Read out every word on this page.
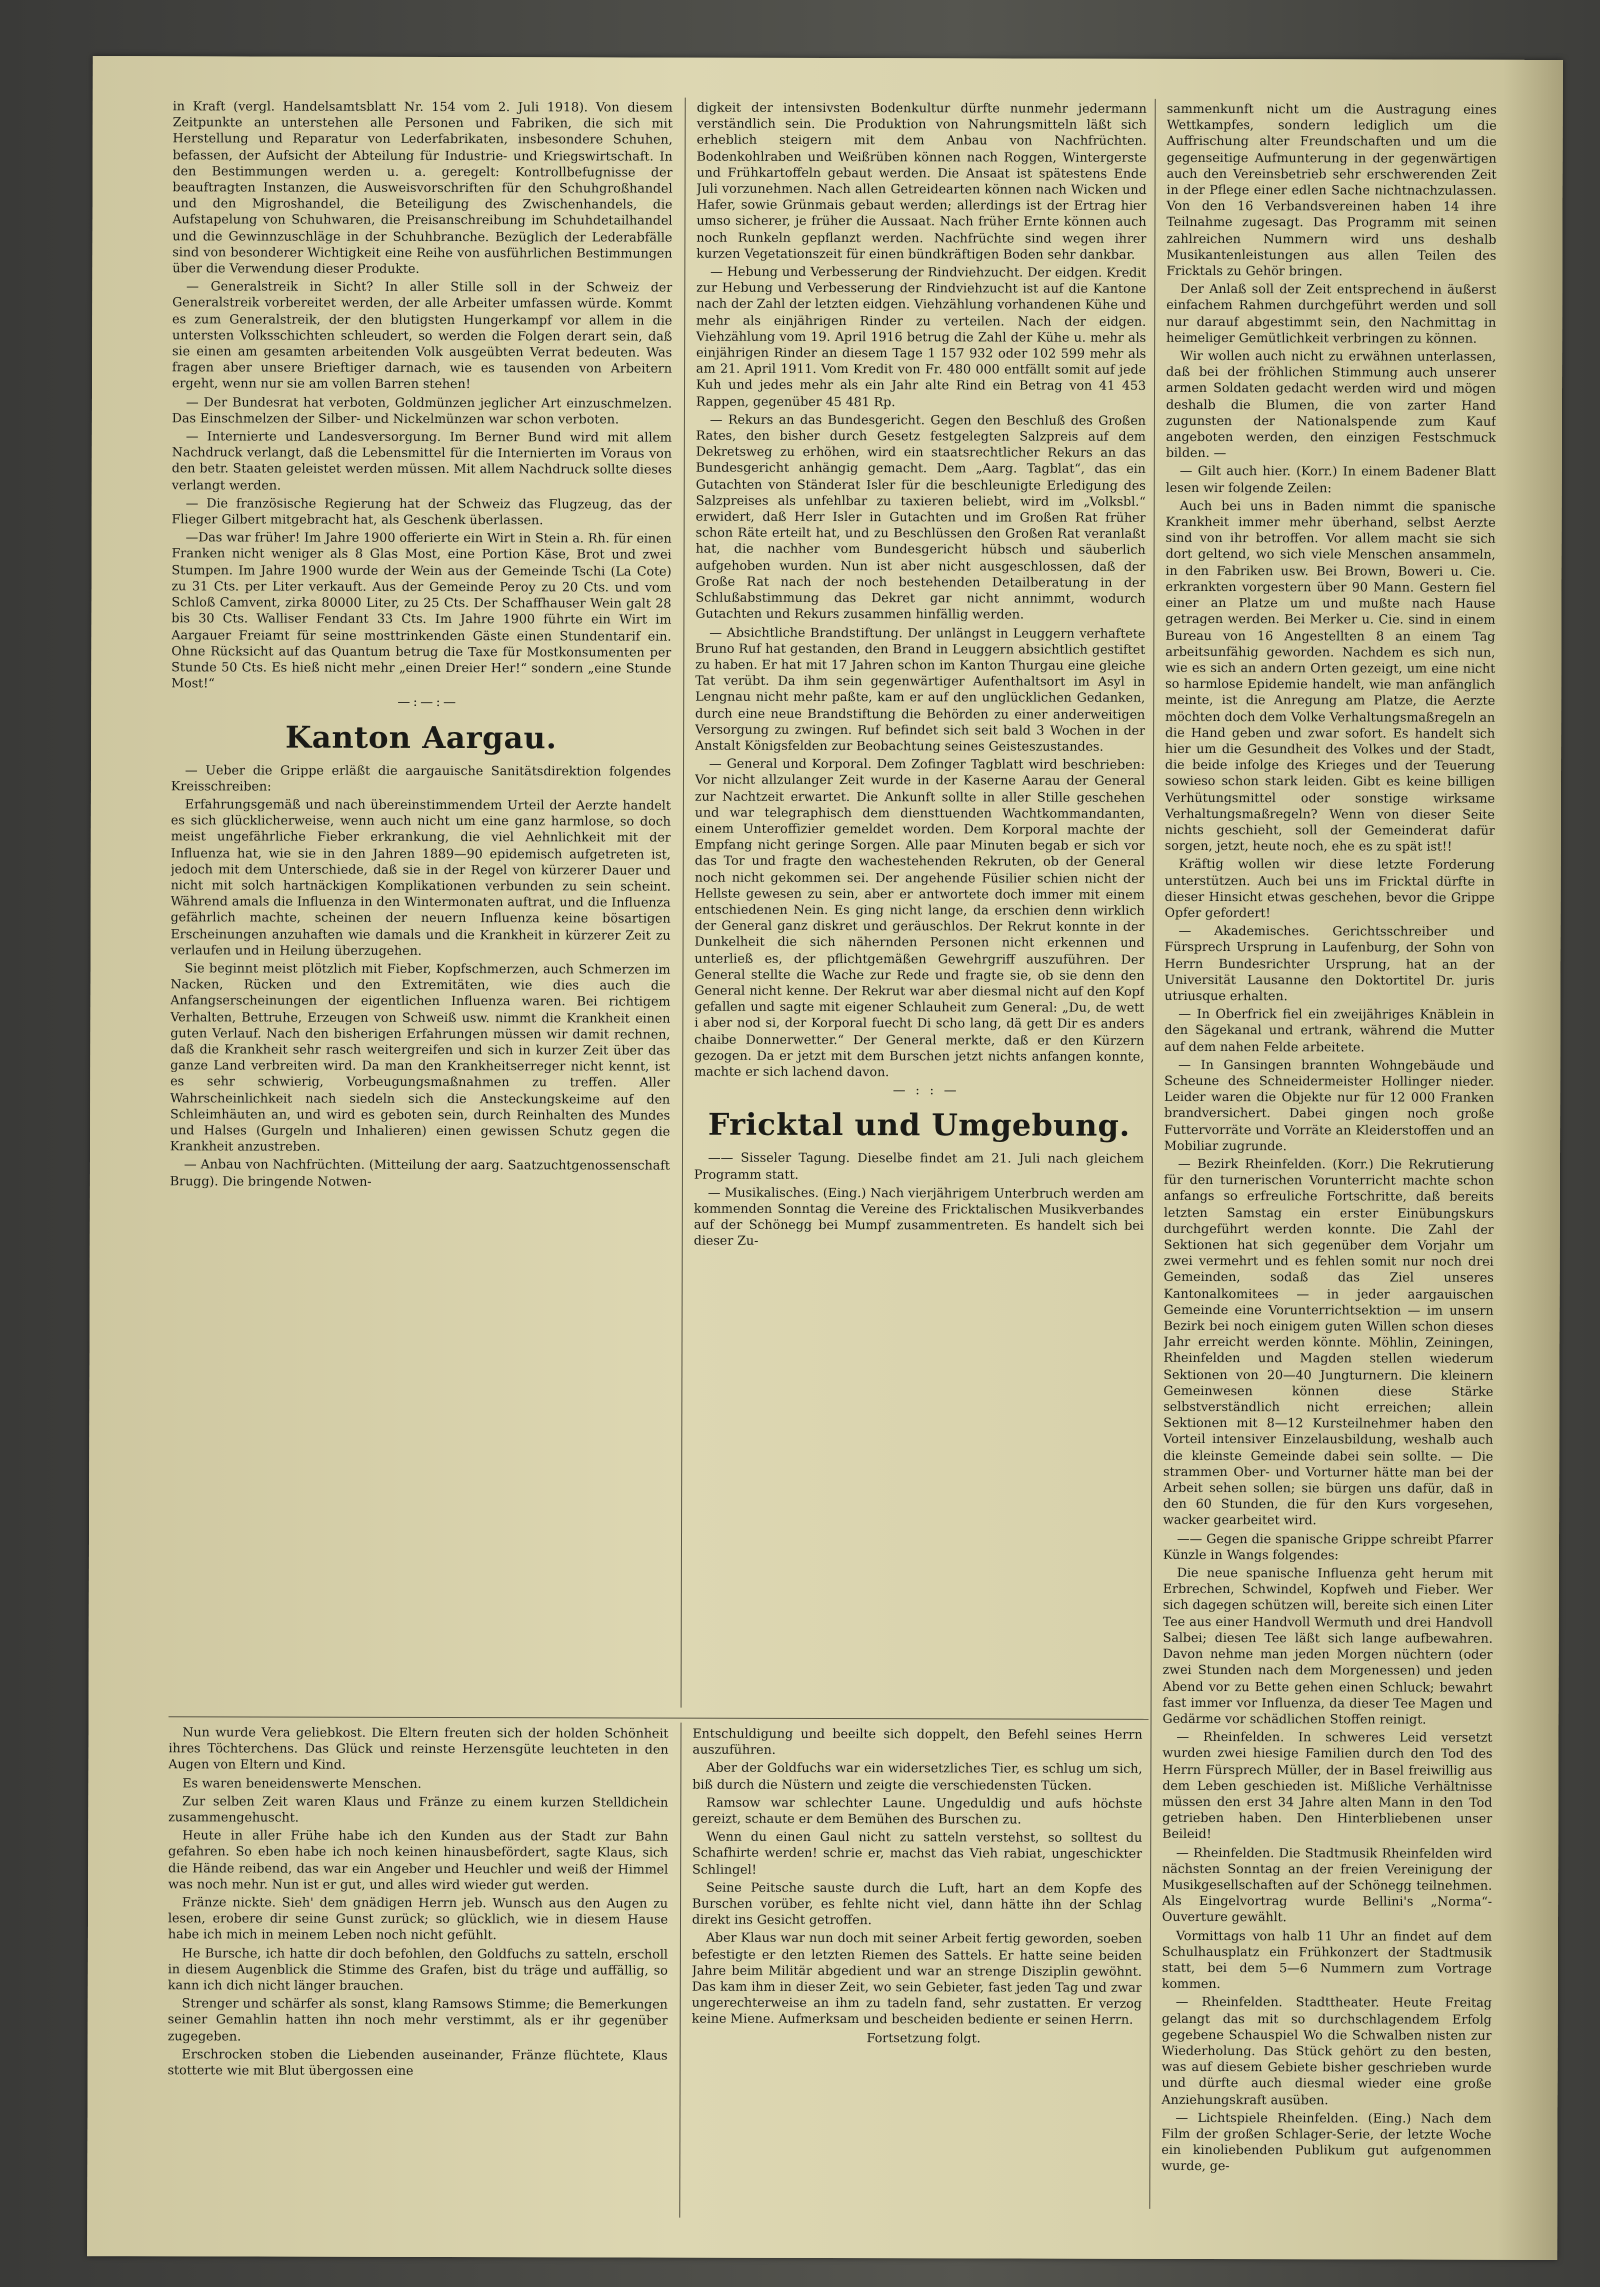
in Kraft (vergl. Handelsamtsblatt Nr. 154 vom 2. Juli 1918). Von diesem Zeitpunkte an unterstehen alle Personen und Fabriken, die sich mit Herstellung und Reparatur von Lederfabrikaten, insbesondere Schuhen, befassen, der Aufsicht der Abteilung für Industrie- und Kriegswirtschaft. In den Bestimmungen werden u. a. geregelt: Kontrollbefugnisse der beauftragten Instanzen, die Ausweisvorschriften für den Schuhgroßhandel und den Migroshandel, die Beteiligung des Zwischenhandels, die Aufstapelung von Schuhwaren, die Preisanschreibung im Schuhdetailhandel und die Gewinnzuschläge in der Schuhbranche. Bezüglich der Lederabfälle sind von besonderer Wichtigkeit eine Reihe von ausführlichen Bestimmungen über die Verwendung dieser Produkte.

— Generalstreik in Sicht? In aller Stille soll in der Schweiz der Generalstreik vorbereitet werden, der alle Arbeiter umfassen würde. Kommt es zum Generalstreik, der den blutigsten Hungerkampf vor allem in die untersten Volksschichten schleudert, so werden die Folgen derart sein, daß sie einen am gesamten arbeitenden Volk ausgeübten Verrat bedeuten. Was fragen aber unsere Brieftiger darnach, wie es tausenden von Arbeitern ergeht, wenn nur sie am vollen Barren stehen!

— Der Bundesrat hat verboten, Goldmünzen jeglicher Art einzuschmelzen. Das Einschmelzen der Silber- und Nickelmünzen war schon verboten.

— Internierte und Landesversorgung. Im Berner Bund wird mit allem Nachdruck verlangt, daß die Lebensmittel für die Internierten im Voraus von den betr. Staaten geleistet werden müssen. Mit allem Nachdruck sollte dieses verlangt werden.

— Die französische Regierung hat der Schweiz das Flugzeug, das der Flieger Gilbert mitgebracht hat, als Geschenk überlassen.

—Das war früher! Im Jahre 1900 offerierte ein Wirt in Stein a. Rh. für einen Franken nicht weniger als 8 Glas Most, eine Portion Käse, Brot und zwei Stumpen. Im Jahre 1900 wurde der Wein aus der Gemeinde Tschi (La Cote) zu 31 Cts. per Liter verkauft. Aus der Gemeinde Peroy zu 20 Cts. und vom Schloß Camvent, zirka 80000 Liter, zu 25 Cts. Der Schaffhauser Wein galt 28 bis 30 Cts. Walliser Fendant 33 Cts. Im Jahre 1900 führte ein Wirt im Aargauer Freiamt für seine mosttrinkenden Gäste einen Stundentarif ein. Ohne Rücksicht auf das Quantum betrug die Taxe für Mostkonsumenten per Stunde 50 Cts. Es hieß nicht mehr „einen Dreier Her!“ sondern „eine Stunde Most!“

—:—:—

Kanton Aargau.

— Ueber die Grippe erläßt die aargauische Sanitätsdirektion folgendes Kreisschreiben:

Erfahrungsgemäß und nach übereinstimmendem Urteil der Aerzte handelt es sich glücklicherweise, wenn auch nicht um eine ganz harmlose, so doch meist ungefährliche Fieber erkrankung, die viel Aehnlichkeit mit der Influenza hat, wie sie in den Jahren 1889—90 epidemisch aufgetreten ist, jedoch mit dem Unterschiede, daß sie in der Regel von kürzerer Dauer und nicht mit solch hartnäckigen Komplikationen verbunden zu sein scheint. Während amals die Influenza in den Wintermonaten auftrat, und die Influenza gefährlich machte, scheinen der neuern Influenza keine bösartigen Erscheinungen anzuhaften wie damals und die Krankheit in kürzerer Zeit zu verlaufen und in Heilung überzugehen.

Sie beginnt meist plötzlich mit Fieber, Kopfschmerzen, auch Schmerzen im Nacken, Rücken und den Extremitäten, wie dies auch die Anfangserscheinungen der eigentlichen Influenza waren. Bei richtigem Verhalten, Bettruhe, Erzeugen von Schweiß usw. nimmt die Krankheit einen guten Verlauf. Nach den bisherigen Erfahrungen müssen wir damit rechnen, daß die Krankheit sehr rasch weitergreifen und sich in kurzer Zeit über das ganze Land verbreiten wird. Da man den Krankheitserreger nicht kennt, ist es sehr schwierig, Vorbeugungsmaßnahmen zu treffen. Aller Wahrscheinlichkeit nach siedeln sich die Ansteckungskeime auf den Schleimhäuten an, und wird es geboten sein, durch Reinhalten des Mundes und Halses (Gurgeln und Inhalieren) einen gewissen Schutz gegen die Krankheit anzustreben.

— Anbau von Nachfrüchten. (Mitteilung der aarg. Saatzuchtgenossenschaft Brugg). Die bringende Notwen-

digkeit der intensivsten Bodenkultur dürfte nunmehr jedermann verständlich sein. Die Produktion von Nahrungsmitteln läßt sich erheblich steigern mit dem Anbau von Nachfrüchten. Bodenkohlraben und Weißrüben können nach Roggen, Wintergerste und Frühkartoffeln gebaut werden. Die Ansaat ist spätestens Ende Juli vorzunehmen. Nach allen Getreidearten können nach Wicken und Hafer, sowie Grünmais gebaut werden; allerdings ist der Ertrag hier umso sicherer, je früher die Aussaat. Nach früher Ernte können auch noch Runkeln gepflanzt werden. Nachfrüchte sind wegen ihrer kurzen Vegetationszeit für einen bündkräftigen Boden sehr dankbar.

— Hebung und Verbesserung der Rindviehzucht. Der eidgen. Kredit zur Hebung und Verbesserung der Rindviehzucht ist auf die Kantone nach der Zahl der letzten eidgen. Viehzählung vorhandenen Kühe und mehr als einjährigen Rinder zu verteilen. Nach der eidgen. Viehzählung vom 19. April 1916 betrug die Zahl der Kühe u. mehr als einjährigen Rinder an diesem Tage 1 157 932 oder 102 599 mehr als am 21. April 1911. Vom Kredit von Fr. 480 000 entfällt somit auf jede Kuh und jedes mehr als ein Jahr alte Rind ein Betrag von 41 453 Rappen, gegenüber 45 481 Rp.

— Rekurs an das Bundesgericht. Gegen den Beschluß des Großen Rates, den bisher durch Gesetz festgelegten Salzpreis auf dem Dekretsweg zu erhöhen, wird ein staatsrechtlicher Rekurs an das Bundesgericht anhängig gemacht. Dem „Aarg. Tagblat“, das ein Gutachten von Ständerat Isler für die beschleunigte Erledigung des Salzpreises als unfehlbar zu taxieren beliebt, wird im „Volksbl.“ erwidert, daß Herr Isler in Gutachten und im Großen Rat früher schon Räte erteilt hat, und zu Beschlüssen den Großen Rat veranlaßt hat, die nachher vom Bundesgericht hübsch und säuberlich aufgehoben wurden. Nun ist aber nicht ausgeschlossen, daß der Große Rat nach der noch bestehenden Detailberatung in der Schlußabstimmung das Dekret gar nicht annimmt, wodurch Gutachten und Rekurs zusammen hinfällig werden.

— Absichtliche Brandstiftung. Der unlängst in Leuggern verhaftete Bruno Ruf hat gestanden, den Brand in Leuggern absichtlich gestiftet zu haben. Er hat mit 17 Jahren schon im Kanton Thurgau eine gleiche Tat verübt. Da ihm sein gegenwärtiger Aufenthaltsort im Asyl in Lengnau nicht mehr paßte, kam er auf den unglücklichen Gedanken, durch eine neue Brandstiftung die Behörden zu einer anderweitigen Versorgung zu zwingen. Ruf befindet sich seit bald 3 Wochen in der Anstalt Königsfelden zur Beobachtung seines Geisteszustandes.

— General und Korporal. Dem Zofinger Tagblatt wird beschrieben: Vor nicht allzulanger Zeit wurde in der Kaserne Aarau der General zur Nachtzeit erwartet. Die Ankunft sollte in aller Stille geschehen und war telegraphisch dem diensttuenden Wachtkommandanten, einem Unteroffizier gemeldet worden. Dem Korporal machte der Empfang nicht geringe Sorgen. Alle paar Minuten begab er sich vor das Tor und fragte den wachestehenden Rekruten, ob der General noch nicht gekommen sei. Der angehende Füsilier schien nicht der Hellste gewesen zu sein, aber er antwortete doch immer mit einem entschiedenen Nein. Es ging nicht lange, da erschien denn wirklich der General ganz diskret und geräuschlos. Der Rekrut konnte in der Dunkelheit die sich nähernden Personen nicht erkennen und unterließ es, der pflichtgemäßen Gewehrgriff auszuführen. Der General stellte die Wache zur Rede und fragte sie, ob sie denn den General nicht kenne. Der Rekrut war aber diesmal nicht auf den Kopf gefallen und sagte mit eigener Schlauheit zum General: „Du, de wett i aber nod si, der Korporal fuecht Di scho lang, dä gett Dir es anders chaibe Donnerwetter.“ Der General merkte, daß er den Kürzern gezogen. Da er jetzt mit dem Burschen jetzt nichts anfangen konnte, machte er sich lachend davon.

— : : —

Fricktal und Umgebung.

—— Sisseler Tagung. Dieselbe findet am 21. Juli nach gleichem Programm statt.

— Musikalisches. (Eing.) Nach vierjährigem Unterbruch werden am kommenden Sonntag die Vereine des Fricktalischen Musikverbandes auf der Schönegg bei Mumpf zusammentreten. Es handelt sich bei dieser Zu-

sammenkunft nicht um die Austragung eines Wettkampfes, sondern lediglich um die Auffrischung alter Freundschaften und um die gegenseitige Aufmunterung in der gegenwärtigen auch den Vereinsbetrieb sehr erschwerenden Zeit in der Pflege einer edlen Sache nichtnachzulassen. Von den 16 Verbandsvereinen haben 14 ihre Teilnahme zugesagt. Das Programm mit seinen zahlreichen Nummern wird uns deshalb Musikantenleistungen aus allen Teilen des Fricktals zu Gehör bringen.

Der Anlaß soll der Zeit entsprechend in äußerst einfachem Rahmen durchgeführt werden und soll nur darauf abgestimmt sein, den Nachmittag in heimeliger Gemütlichkeit verbringen zu können.

Wir wollen auch nicht zu erwähnen unterlassen, daß bei der fröhlichen Stimmung auch unserer armen Soldaten gedacht werden wird und mögen deshalb die Blumen, die von zarter Hand zugunsten der Nationalspende zum Kauf angeboten werden, den einzigen Festschmuck bilden. —

— Gilt auch hier. (Korr.) In einem Badener Blatt lesen wir folgende Zeilen:

Auch bei uns in Baden nimmt die spanische Krankheit immer mehr überhand, selbst Aerzte sind von ihr betroffen. Vor allem macht sie sich dort geltend, wo sich viele Menschen ansammeln, in den Fabriken usw. Bei Brown, Boweri u. Cie. erkrankten vorgestern über 90 Mann. Gestern fiel einer an Platze um und mußte nach Hause getragen werden. Bei Merker u. Cie. sind in einem Bureau von 16 Angestellten 8 an einem Tag arbeitsunfähig geworden. Nachdem es sich nun, wie es sich an andern Orten gezeigt, um eine nicht so harmlose Epidemie handelt, wie man anfänglich meinte, ist die Anregung am Platze, die Aerzte möchten doch dem Volke Verhaltungsmaßregeln an die Hand geben und zwar sofort. Es handelt sich hier um die Gesundheit des Volkes und der Stadt, die beide infolge des Krieges und der Teuerung sowieso schon stark leiden. Gibt es keine billigen Verhütungsmittel oder sonstige wirksame Verhaltungsmaßregeln? Wenn von dieser Seite nichts geschieht, soll der Gemeinderat dafür sorgen, jetzt, heute noch, ehe es zu spät ist!!

Kräftig wollen wir diese letzte Forderung unterstützen. Auch bei uns im Fricktal dürfte in dieser Hinsicht etwas geschehen, bevor die Grippe Opfer gefordert!

— Akademisches. Gerichtsschreiber und Fürsprech Ursprung in Laufenburg, der Sohn von Herrn Bundesrichter Ursprung, hat an der Universität Lausanne den Doktortitel Dr. juris utriusque erhalten.

— In Oberfrick fiel ein zweijähriges Knäblein in den Sägekanal und ertrank, während die Mutter auf dem nahen Felde arbeitete.

— In Gansingen brannten Wohngebäude und Scheune des Schneidermeister Hollinger nieder. Leider waren die Objekte nur für 12 000 Franken brandversichert. Dabei gingen noch große Futtervorräte und Vorräte an Kleiderstoffen und an Mobiliar zugrunde.

— Bezirk Rheinfelden. (Korr.) Die Rekrutierung für den turnerischen Vorunterricht machte schon anfangs so erfreuliche Fortschritte, daß bereits letzten Samstag ein erster Einübungskurs durchgeführt werden konnte. Die Zahl der Sektionen hat sich gegenüber dem Vorjahr um zwei vermehrt und es fehlen somit nur noch drei Gemeinden, sodaß das Ziel unseres Kantonalkomitees — in jeder aargauischen Gemeinde eine Vorunterrichtsektion — im unsern Bezirk bei noch einigem guten Willen schon dieses Jahr erreicht werden könnte. Möhlin, Zeiningen, Rheinfelden und Magden stellen wiederum Sektionen von 20—40 Jungturnern. Die kleinern Gemeinwesen können diese Stärke selbstverständlich nicht erreichen; allein Sektionen mit 8—12 Kursteilnehmer haben den Vorteil intensiver Einzelausbildung, weshalb auch die kleinste Gemeinde dabei sein sollte. — Die strammen Ober- und Vorturner hätte man bei der Arbeit sehen sollen; sie bürgen uns dafür, daß in den 60 Stunden, die für den Kurs vorgesehen, wacker gearbeitet wird.

—— Gegen die spanische Grippe schreibt Pfarrer Künzle in Wangs folgendes:

Die neue spanische Influenza geht herum mit Erbrechen, Schwindel, Kopfweh und Fieber. Wer sich dagegen schützen will, bereite sich einen Liter Tee aus einer Handvoll Wermuth und drei Handvoll Salbei; diesen Tee läßt sich lange aufbewahren. Davon nehme man jeden Morgen nüchtern (oder zwei Stunden nach dem Morgenessen) und jeden Abend vor zu Bette gehen einen Schluck; bewahrt fast immer vor Influenza, da dieser Tee Magen und Gedärme vor schädlichen Stoffen reinigt.

— Rheinfelden. In schweres Leid versetzt wurden zwei hiesige Familien durch den Tod des Herrn Fürsprech Müller, der in Basel freiwillig aus dem Leben geschieden ist. Mißliche Verhältnisse müssen den erst 34 Jahre alten Mann in den Tod getrieben haben. Den Hinterbliebenen unser Beileid!

— Rheinfelden. Die Stadtmusik Rheinfelden wird nächsten Sonntag an der freien Vereinigung der Musikgesellschaften auf der Schönegg teilnehmen. Als Eingelvortrag wurde Bellini's „Norma“-Ouverture gewählt.

Vormittags von halb 11 Uhr an findet auf dem Schulhausplatz ein Frühkonzert der Stadtmusik statt, bei dem 5—6 Nummern zum Vortrage kommen.

— Rheinfelden. Stadttheater. Heute Freitag gelangt das mit so durchschlagendem Erfolg gegebene Schauspiel Wo die Schwalben nisten zur Wiederholung. Das Stück gehört zu den besten, was auf diesem Gebiete bisher geschrieben wurde und dürfte auch diesmal wieder eine große Anziehungskraft ausüben.

— Lichtspiele Rheinfelden. (Eing.) Nach dem Film der großen Schlager-Serie, der letzte Woche ein kinoliebenden Publikum gut aufgenommen wurde, ge-

Nun wurde Vera geliebkost. Die Eltern freuten sich der holden Schönheit ihres Töchterchens. Das Glück und reinste Herzensgüte leuchteten in den Augen von Eltern und Kind.

Es waren beneidenswerte Menschen.

Zur selben Zeit waren Klaus und Fränze zu einem kurzen Stelldichein zusammengehuscht.

Heute in aller Frühe habe ich den Kunden aus der Stadt zur Bahn gefahren. So eben habe ich noch keinen hinausbefördert, sagte Klaus, sich die Hände reibend, das war ein Angeber und Heuchler und weiß der Himmel was noch mehr. Nun ist er gut, und alles wird wieder gut werden.

Fränze nickte. Sieh' dem gnädigen Herrn jeb. Wunsch aus den Augen zu lesen, erobere dir seine Gunst zurück; so glücklich, wie in diesem Hause habe ich mich in meinem Leben noch nicht gefühlt.

He Bursche, ich hatte dir doch befohlen, den Goldfuchs zu satteln, erscholl in diesem Augenblick die Stimme des Grafen, bist du träge und auffällig, so kann ich dich nicht länger brauchen.

Strenger und schärfer als sonst, klang Ramsows Stimme; die Bemerkungen seiner Gemahlin hatten ihn noch mehr verstimmt, als er ihr gegenüber zugegeben.

Erschrocken stoben die Liebenden auseinander, Fränze flüchtete, Klaus stotterte wie mit Blut übergossen eine

Entschuldigung und beeilte sich doppelt, den Befehl seines Herrn auszuführen.

Aber der Goldfuchs war ein widersetzliches Tier, es schlug um sich, biß durch die Nüstern und zeigte die verschiedensten Tücken.

Ramsow war schlechter Laune. Ungeduldig und aufs höchste gereizt, schaute er dem Bemühen des Burschen zu.

Wenn du einen Gaul nicht zu satteln verstehst, so solltest du Schafhirte werden! schrie er, machst das Vieh rabiat, ungeschickter Schlingel!

Seine Peitsche sauste durch die Luft, hart an dem Kopfe des Burschen vorüber, es fehlte nicht viel, dann hätte ihn der Schlag direkt ins Gesicht getroffen.

Aber Klaus war nun doch mit seiner Arbeit fertig geworden, soeben befestigte er den letzten Riemen des Sattels. Er hatte seine beiden Jahre beim Militär abgedient und war an strenge Disziplin gewöhnt. Das kam ihm in dieser Zeit, wo sein Gebieter, fast jeden Tag und zwar ungerechterweise an ihm zu tadeln fand, sehr zustatten. Er verzog keine Miene. Aufmerksam und bescheiden bediente er seinen Herrn.

Fortsetzung folgt.
